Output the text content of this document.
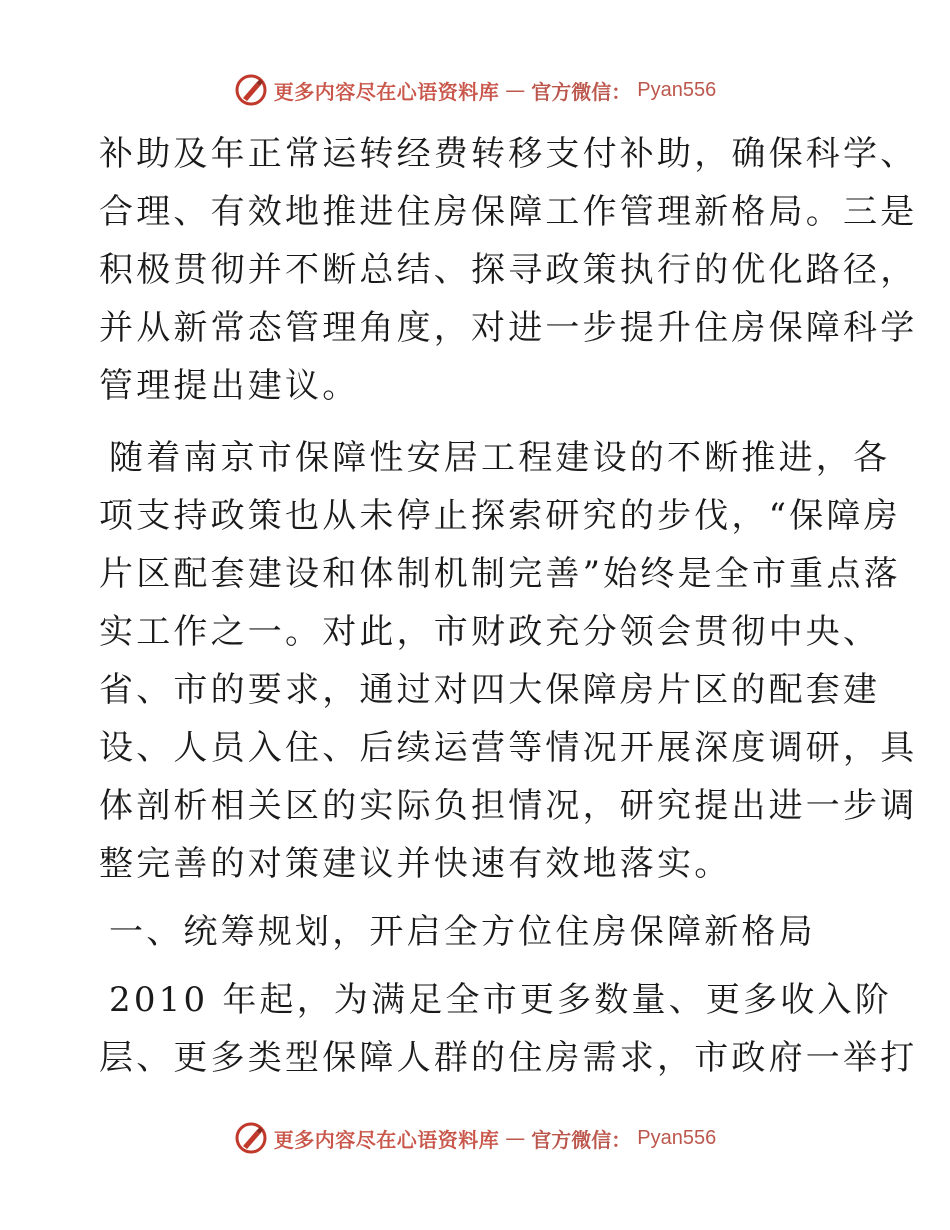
更多内容尽在心语资料库 — 官方微信： Pyan556
补助及年正常运转经费转移支付补助，确保科学、
合理、有效地推进住房保障工作管理新格局。三是
积极贯彻并不断总结、探寻政策执行的优化路径，
并从新常态管理角度，对进一步提升住房保障科学
管理提出建议。
随着南京市保障性安居工程建设的不断推进，各
项支持政策也从未停止探索研究的步伐，“保障房
片区配套建设和体制机制完善”始终是全市重点落
实工作之一。对此，市财政充分领会贯彻中央、
省、市的要求，通过对四大保障房片区的配套建
设、人员入住、后续运营等情况开展深度调研，具
体剖析相关区的实际负担情况，研究提出进一步调
整完善的对策建议并快速有效地落实。
一、统筹规划，开启全方位住房保障新格局
2010 年起，为满足全市更多数量、更多收入阶
层、更多类型保障人群的住房需求，市政府一举打
更多内容尽在心语资料库 — 官方微信： Pyan556
